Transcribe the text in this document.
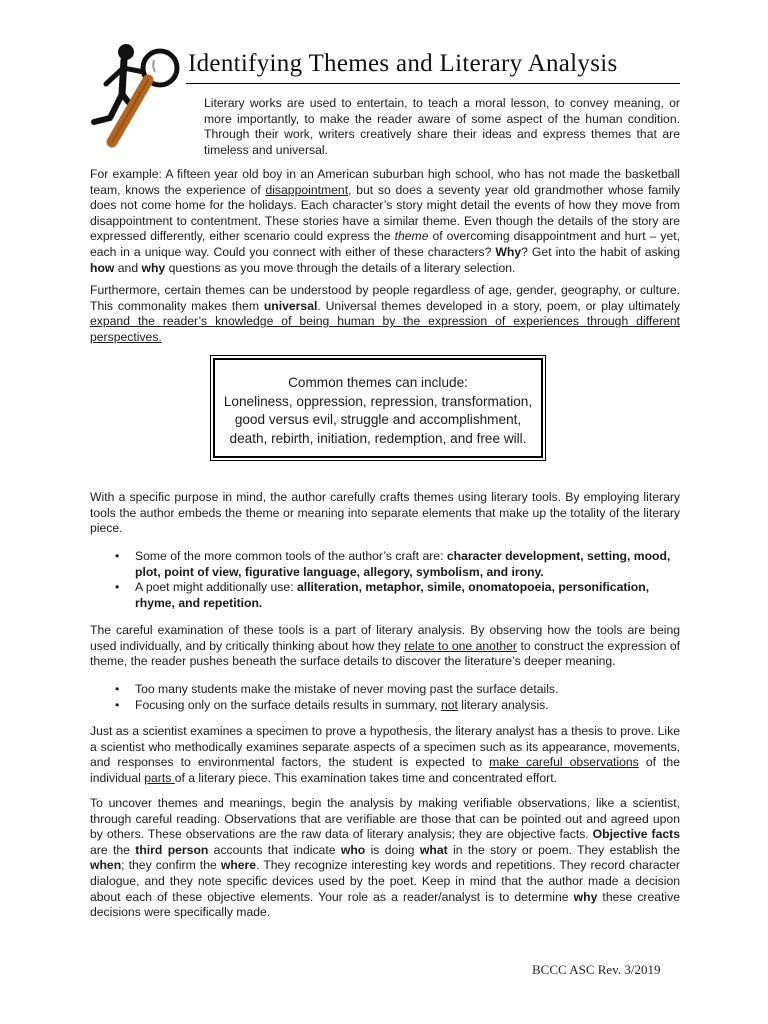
Identifying Themes and Literary Analysis
Literary works are used to entertain, to teach a moral lesson, to convey meaning, or more importantly, to make the reader aware of some aspect of the human condition. Through their work, writers creatively share their ideas and express themes that are timeless and universal.

For example: A fifteen year old boy in an American suburban high school, who has not made the basketball team, knows the experience of disappointment, but so does a seventy year old grandmother whose family does not come home for the holidays. Each character’s story might detail the events of how they move from disappointment to contentment. These stories have a similar theme. Even though the details of the story are expressed differently, either scenario could express the theme of overcoming disappointment and hurt – yet, each in a unique way. Could you connect with either of these characters? Why? Get into the habit of asking how and why questions as you move through the details of a literary selection.

Furthermore, certain themes can be understood by people regardless of age, gender, geography, or culture. This commonality makes them universal. Universal themes developed in a story, poem, or play ultimately expand the reader’s knowledge of being human by the expression of experiences through different perspectives.

Common themes can include:
Loneliness, oppression, repression, transformation,
good versus evil, struggle and accomplishment,
death, rebirth, initiation, redemption, and free will.
With a specific purpose in mind, the author carefully crafts themes using literary tools. By employing literary tools the author embeds the theme or meaning into separate elements that make up the totality of the literary piece.
• Some of the more common tools of the author’s craft are: character development, setting, mood, plot, point of view, figurative language, allegory, symbolism, and irony.
• A poet might additionally use: alliteration, metaphor, simile, onomatopoeia, personification, rhyme, and repetition.

The careful examination of these tools is a part of literary analysis. By observing how the tools are being used individually, and by critically thinking about how they relate to one another to construct the expression of theme, the reader pushes beneath the surface details to discover the literature’s deeper meaning.

• Too many students make the mistake of never moving past the surface details.
• Focusing only on the surface details results in summary, not literary analysis.

Just as a scientist examines a specimen to prove a hypothesis, the literary analyst has a thesis to prove. Like a scientist who methodically examines separate aspects of a specimen such as its appearance, movements, and responses to environmental factors, the student is expected to make careful observations of the individual parts of a literary piece. This examination takes time and concentrated effort.

To uncover themes and meanings, begin the analysis by making verifiable observations, like a scientist, through careful reading. Observations that are verifiable are those that can be pointed out and agreed upon by others. These observations are the raw data of literary analysis; they are objective facts. Objective facts are the third person accounts that indicate who is doing what in the story or poem. They establish the when; they confirm the where. They recognize interesting key words and repetitions. They record character dialogue, and they note specific devices used by the poet. Keep in mind that the author made a decision about each of these objective elements. Your role as a reader/analyst is to determine why these creative decisions were specifically made.

BCCC ASC Rev. 3/2019
